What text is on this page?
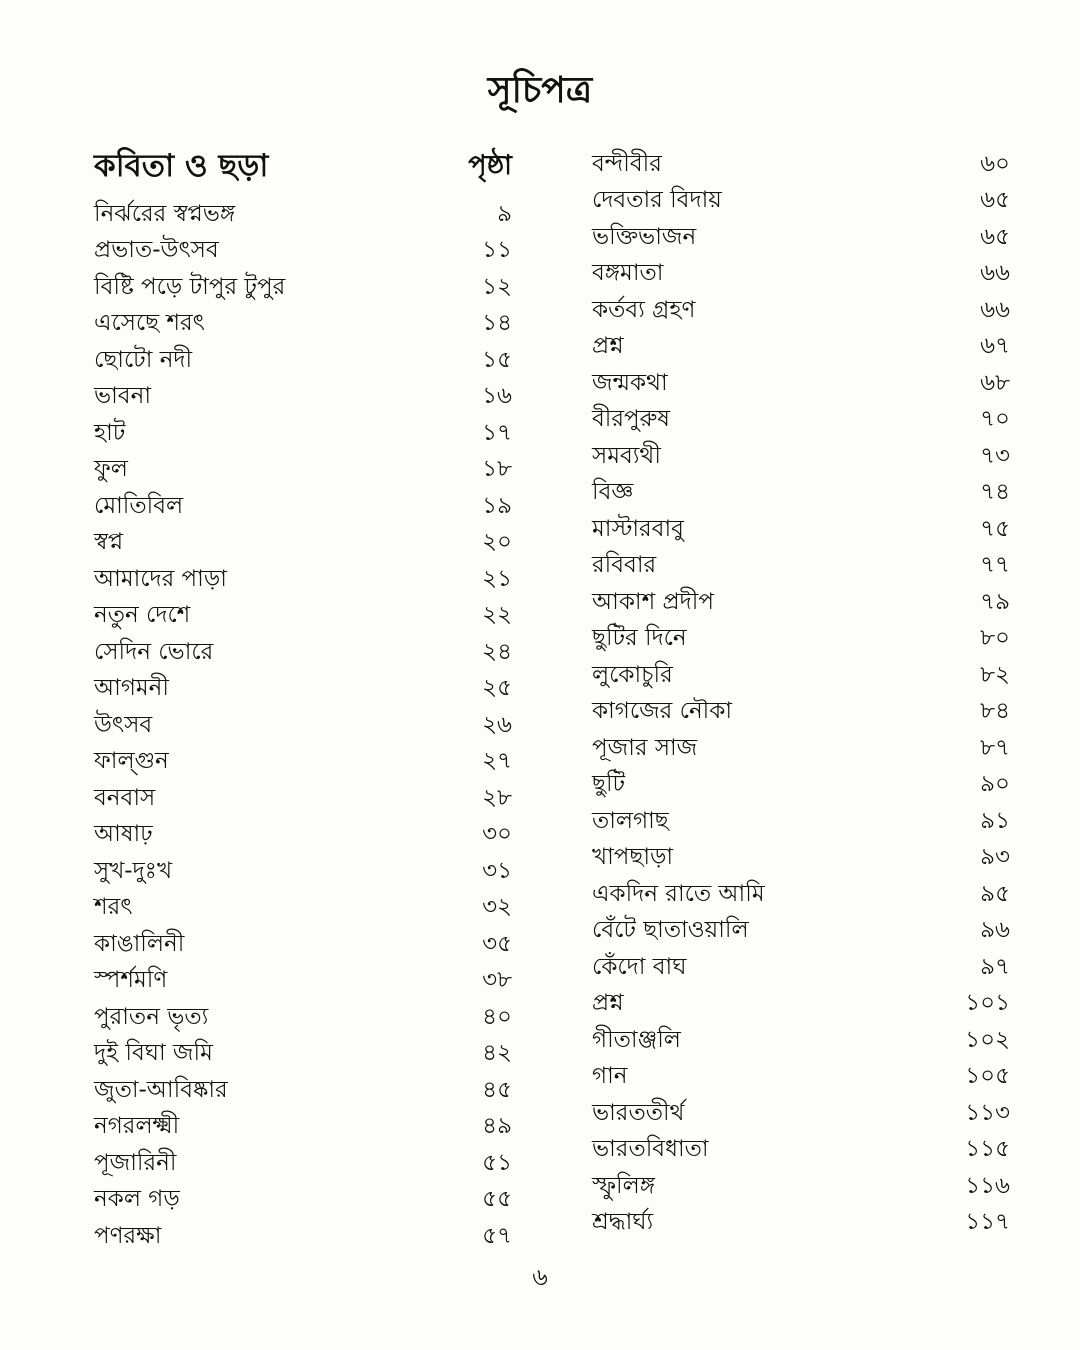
সূচিপত্র
কবিতা ও ছড়া	পৃষ্ঠা
নির্ঝরের স্বপ্নভঙ্গ	৯
প্রভাত-উৎসব	১১
বিষ্টি পড়ে টাপুর টুপুর	১২
এসেছে শরৎ	১৪
ছোটো নদী	১৫
ভাবনা	১৬
হাট	১৭
ফুল	১৮
মোতিবিল	১৯
স্বপ্ন	২০
আমাদের পাড়া	২১
নতুন দেশে	২২
সেদিন ভোরে	২৪
আগমনী	২৫
উৎসব	২৬
ফাল্গুন	২৭
বনবাস	২৮
আষাঢ়	৩০
সুখ-দুঃখ	৩১
শরৎ	৩২
কাঙালিনী	৩৫
স্পর্শমণি	৩৮
পুরাতন ভৃত্য	৪০
দুই বিঘা জমি	৪২
জুতা-আবিষ্কার	৪৫
নগরলক্ষ্মী	৪৯
পূজারিনী	৫১
নকল গড়	৫৫
পণরক্ষা	৫৭
বন্দীবীর	৬০
দেবতার বিদায়	৬৫
ভক্তিভাজন	৬৫
বঙ্গমাতা	৬৬
কর্তব্য গ্রহণ	৬৬
প্রশ্ন	৬৭
জন্মকথা	৬৮
বীরপুরুষ	৭০
সমব্যথী	৭৩
বিজ্ঞ	৭৪
মাস্টারবাবু	৭৫
রবিবার	৭৭
আকাশ প্রদীপ	৭৯
ছুটির দিনে	৮০
লুকোচুরি	৮২
কাগজের নৌকা	৮৪
পূজার সাজ	৮৭
ছুটি	৯০
তালগাছ	৯১
খাপছাড়া	৯৩
একদিন রাতে আমি	৯৫
বেঁটে ছাতাওয়ালি	৯৬
কেঁদো বাঘ	৯৭
প্রশ্ন	১০১
গীতাঞ্জলি	১০২
গান	১০৫
ভারততীর্থ	১১৩
ভারতবিধাতা	১১৫
স্ফুলিঙ্গ	১১৬
শ্রদ্ধার্ঘ্য	১১৭

৬
